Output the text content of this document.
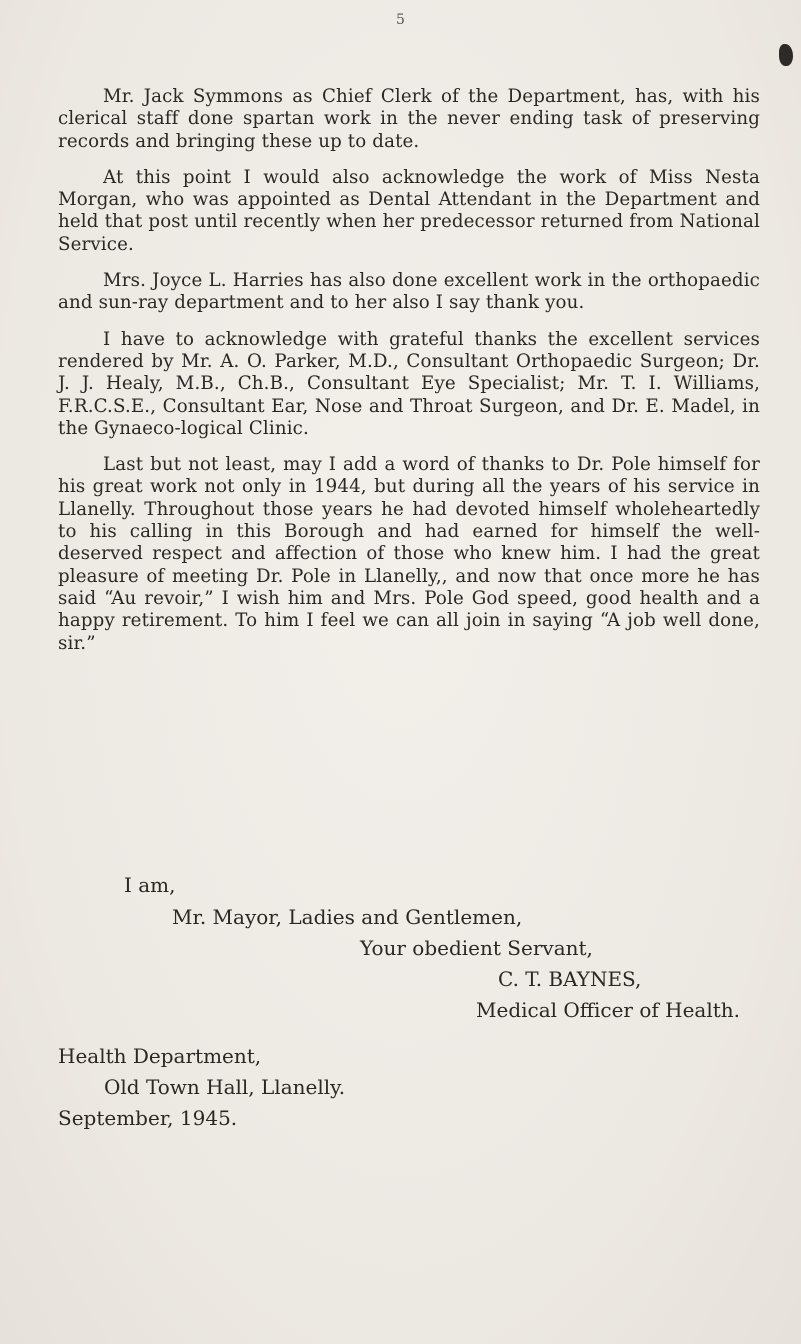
5

Mr. Jack Symmons as Chief Clerk of the Department, has, with his clerical staff done spartan work in the never ending task of preserving records and bringing these up to date.

At this point I would also acknowledge the work of Miss Nesta Morgan, who was appointed as Dental Attendant in the Department and held that post until recently when her predecessor returned from National Service.

Mrs. Joyce L. Harries has also done excellent work in the orthopaedic and sun-ray department and to her also I say thank you.

I have to acknowledge with grateful thanks the excellent services rendered by Mr. A. O. Parker, M.D., Consultant Orthopaedic Surgeon; Dr. J. J. Healy, M.B., Ch.B., Consultant Eye Specialist; Mr. T. I. Williams, F.R.C.S.E., Consultant Ear, Nose and Throat Surgeon, and Dr. E. Madel, in the Gynaeco-logical Clinic.

Last but not least, may I add a word of thanks to Dr. Pole himself for his great work not only in 1944, but during all the years of his service in Llanelly. Throughout those years he had devoted himself wholeheartedly to his calling in this Borough and had earned for himself the well-deserved respect and affection of those who knew him. I had the great pleasure of meeting Dr. Pole in Llanelly,, and now that once more he has said “Au revoir,” I wish him and Mrs. Pole God speed, good health and a happy retirement. To him I feel we can all join in saying “A job well done, sir.”

I am,
Mr. Mayor, Ladies and Gentlemen,
Your obedient Servant,
C. T. BAYNES,
Medical Officer of Health.
Health Department,
Old Town Hall, Llanelly.
September, 1945.
